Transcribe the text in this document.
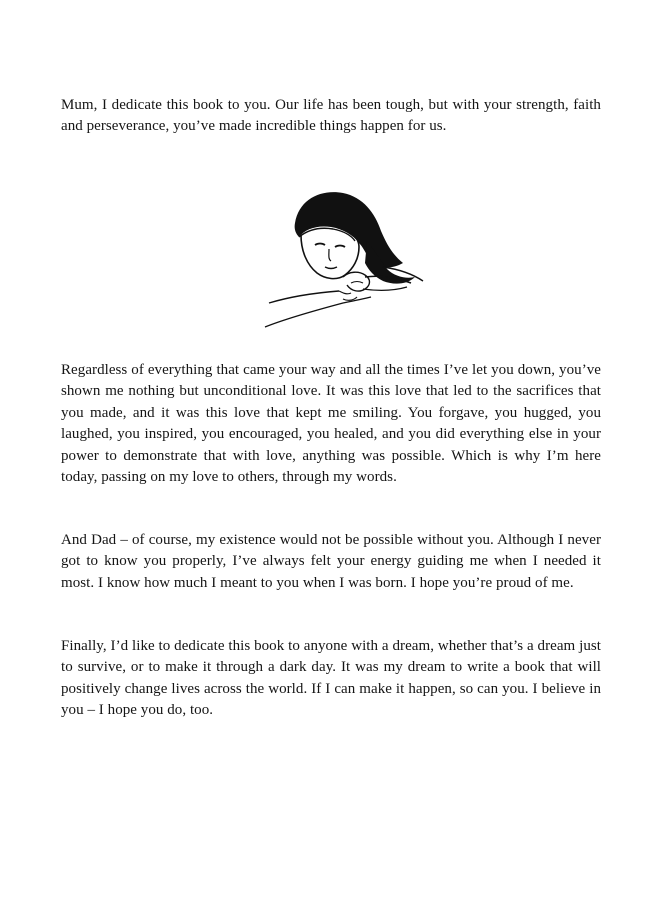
Mum, I dedicate this book to you. Our life has been tough, but with your strength, faith and perseverance, you’ve made incredible things happen for us.

Regardless of everything that came your way and all the times I’ve let you down, you’ve shown me nothing but unconditional love. It was this love that led to the sacrifices that you made, and it was this love that kept me smiling. You forgave, you hugged, you laughed, you inspired, you encouraged, you healed, and you did everything else in your power to demonstrate that with love, anything was possible. Which is why I’m here today, passing on my love to others, through my words.

And Dad – of course, my existence would not be possible without you. Although I never got to know you properly, I’ve always felt your energy guiding me when I needed it most. I know how much I meant to you when I was born. I hope you’re proud of me.

Finally, I’d like to dedicate this book to anyone with a dream, whether that’s a dream just to survive, or to make it through a dark day. It was my dream to write a book that will positively change lives across the world. If I can make it happen, so can you. I believe in you – I hope you do, too.
